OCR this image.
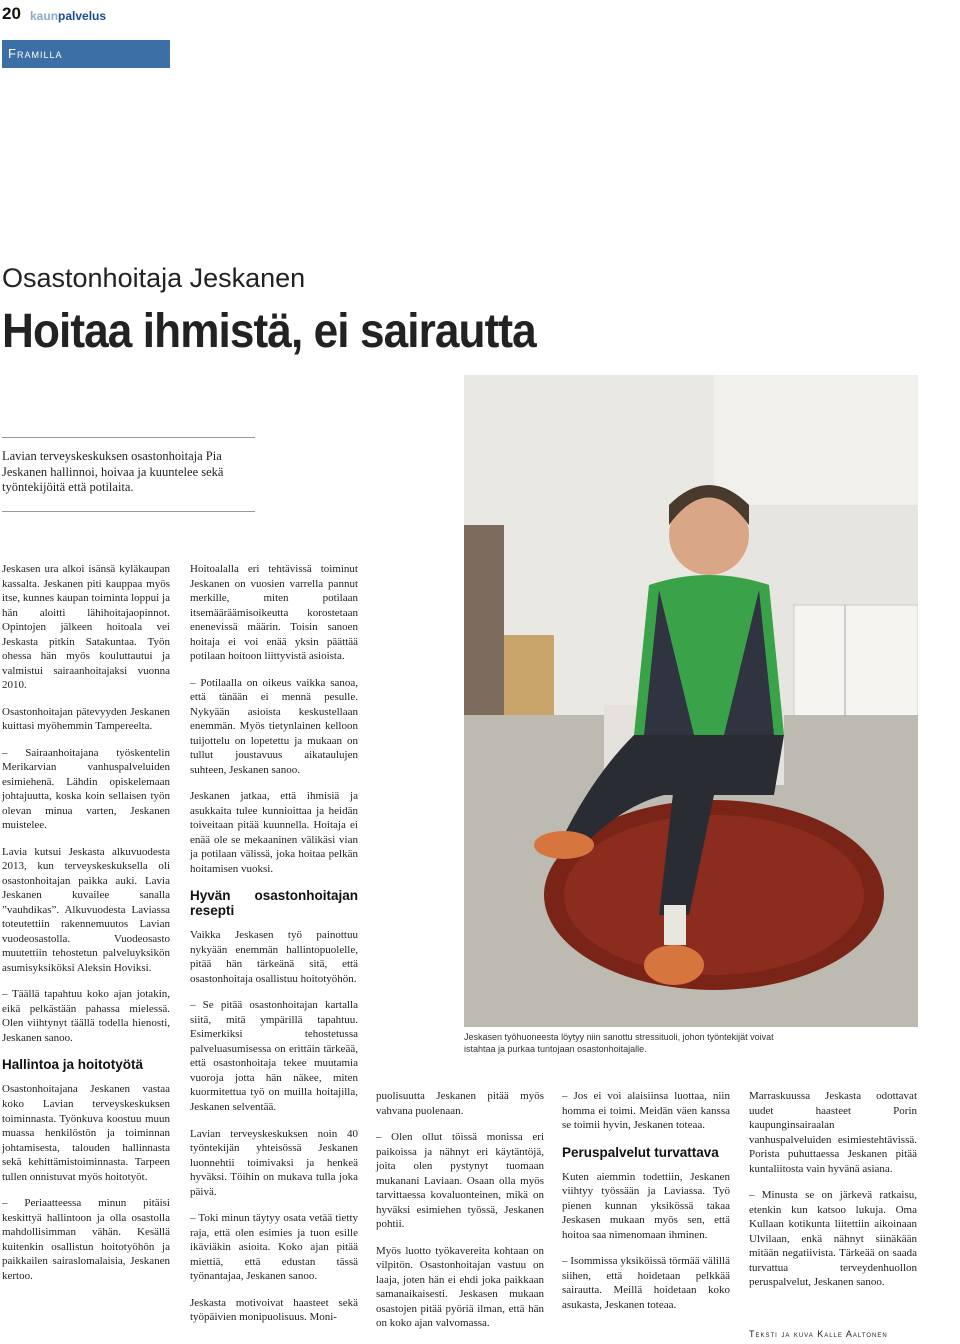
20 kaunpalvelus
Framilla
Osastonhoitaja Jeskanen
Hoitaa ihmistä, ei sairautta
Lavian terveyskeskuksen osastonhoitaja Pia Jeskanen hallinnoi, hoivaa ja kuuntelee sekä työntekijöitä että potilaita.

Jeskasen ura alkoi isänsä kyläkaupan kassalta. Jeskanen piti kauppaa myös itse, kunnes kaupan toiminta loppui ja hän aloitti lähihoitajaopinnot. Opintojen jälkeen hoitoala vei Jeskasta pitkin Satakuntaa. Työn ohessa hän myös kouluttautui ja valmistui sairaanhoitajaksi vuonna 2010.

Osastonhoitajan pätevyyden Jeskanen kuittasi myöhemmin Tampereelta.

– Sairaanhoitajana työskentelin Merikarvian vanhuspalveluiden esimiehenä. Lähdin opiskelemaan johtajuutta, koska koin sellaisen työn olevan minua varten, Jeskanen muistelee.

Lavia kutsui Jeskasta alkuvuodesta 2013, kun terveyskeskuksella oli osastonhoitajan paikka auki. Lavia Jeskanen kuvailee sanalla ”vauhdikas”. Alkuvuodesta Laviassa toteutettiin rakennemuutos Lavian vuodeosastolla. Vuodeosasto muutettiin tehostetun palveluyksikön asumisyksiköksi Aleksin Hoviksi.

– Täällä tapahtuu koko ajan jotakin, eikä pelkästään pahassa mielessä. Olen viihtynyt täällä todella hienosti, Jeskanen sanoo.

Hallintoa ja hoitotyötä

Osastonhoitajana Jeskanen vastaa koko Lavian terveyskeskuksen toiminnasta. Työnkuva koostuu muun muassa henkilöstön ja toiminnan johtamisesta, talouden hallinnasta sekä kehittämistoiminnasta. Tarpeen tullen onnistuvat myös hoitotyöt.

– Periaatteessa minun pitäisi keskittyä hallintoon ja olla osastolla mahdollisimman vähän. Kesällä kuitenkin osallistun hoitotyöhön ja paikkailen sairaslomalaisia, Jeskanen kertoo.

Hoitoalalla eri tehtävissä toiminut Jeskanen on vuosien varrella pannut merkille, miten potilaan itsemääräämisoikeutta korostetaan enenevissä määrin. Toisin sanoen hoitaja ei voi enää yksin päättää potilaan hoitoon liittyvistä asioista.

– Potilaalla on oikeus vaikka sanoa, että tänään ei mennä pesulle. Nykyään asioista keskustellaan enemmän. Myös tietynlainen kelloon tuijottelu on lopetettu ja mukaan on tullut joustavuus aikataulujen suhteen, Jeskanen sanoo.

Jeskanen jatkaa, että ihmisiä ja asukkaita tulee kunnioittaa ja heidän toiveitaan pitää kuunnella. Hoitaja ei enää ole se mekaaninen välikäsi vian ja potilaan välissä, joka hoitaa pelkän hoitamisen vuoksi.

Hyvän osastonhoitajan resepti

Vaikka Jeskasen työ painottuu nykyään enemmän hallintopuolelle, pitää hän tärkeänä sitä, että osastonhoitaja osallistuu hoitotyöhön.

– Se pitää osastonhoitajan kartalla siitä, mitä ympärillä tapahtuu. Esimerkiksi tehostetussa palveluasumisessa on erittäin tärkeää, että osastonhoitaja tekee muutamia vuoroja jotta hän näkee, miten kuormitettua työ on muilla hoitajilla, Jeskanen selventää.

Lavian terveyskeskuksen noin 40 työntekijän yhteisössä Jeskanen luonnehtii toimivaksi ja henkeä hyväksi. Töihin on mukava tulla joka päivä.

– Toki minun täytyy osata vetää tietty raja, että olen esimies ja tuon esille ikäviäkin asioita. Koko ajan pitää miettiä, että edustan tässä työnantajaa, Jeskanen sanoo.

Jeskasta motivoivat haasteet sekä työpäivien monipuolisuus. Moni-

Jeskasen työhuoneesta löytyy niin sanottu stressituoli, johon työntekijät voivat istahtaa ja purkaa tuntojaan osastonhoitajalle.

puolisuutta Jeskanen pitää myös vahvana puolenaan.

– Olen ollut töissä monissa eri paikoissa ja nähnyt eri käytäntöjä, joita olen pystynyt tuomaan mukanani Laviaan. Osaan olla myös tarvittaessa kovaluonteinen, mikä on hyväksi esimiehen työssä, Jeskanen pohtii.

Myös luotto työkavereita kohtaan on vilpitön. Osastonhoitajan vastuu on laaja, joten hän ei ehdi joka paikkaan samanaikaisesti. Jeskasen mukaan osastojen pitää pyöriä ilman, että hän on koko ajan valvomassa.

– Jos ei voi alaisiinsa luottaa, niin homma ei toimi. Meidän väen kanssa se toimii hyvin, Jeskanen toteaa.

Peruspalvelut turvattava

Kuten aiemmin todettiin, Jeskanen viihtyy työssään ja Laviassa. Työ pienen kunnan yksikössä takaa Jeskasen mukaan myös sen, että hoitoa saa nimenomaan ihminen.

– Isommissa yksiköissä törmää välillä siihen, että hoidetaan pelkkää sairautta. Meillä hoidetaan koko asukasta, Jeskanen toteaa.

Marraskuussa Jeskasta odottavat uudet haasteet Porin kaupunginsairaalan vanhuspalveluiden esimiestehtävissä. Porista puhuttaessa Jeskanen pitää kuntaliitosta vain hyvänä asiana.

– Minusta se on järkevä ratkaisu, etenkin kun katsoo lukuja. Oma Kullaan kotikunta liitettiin aikoinaan Ulvilaan, enkä nähnyt siinäkään mitään negatiivista. Tärkeää on saada turvattua terveydenhuollon peruspalvelut, Jeskanen sanoo.

Teksti ja kuva Kalle Aaltonen
